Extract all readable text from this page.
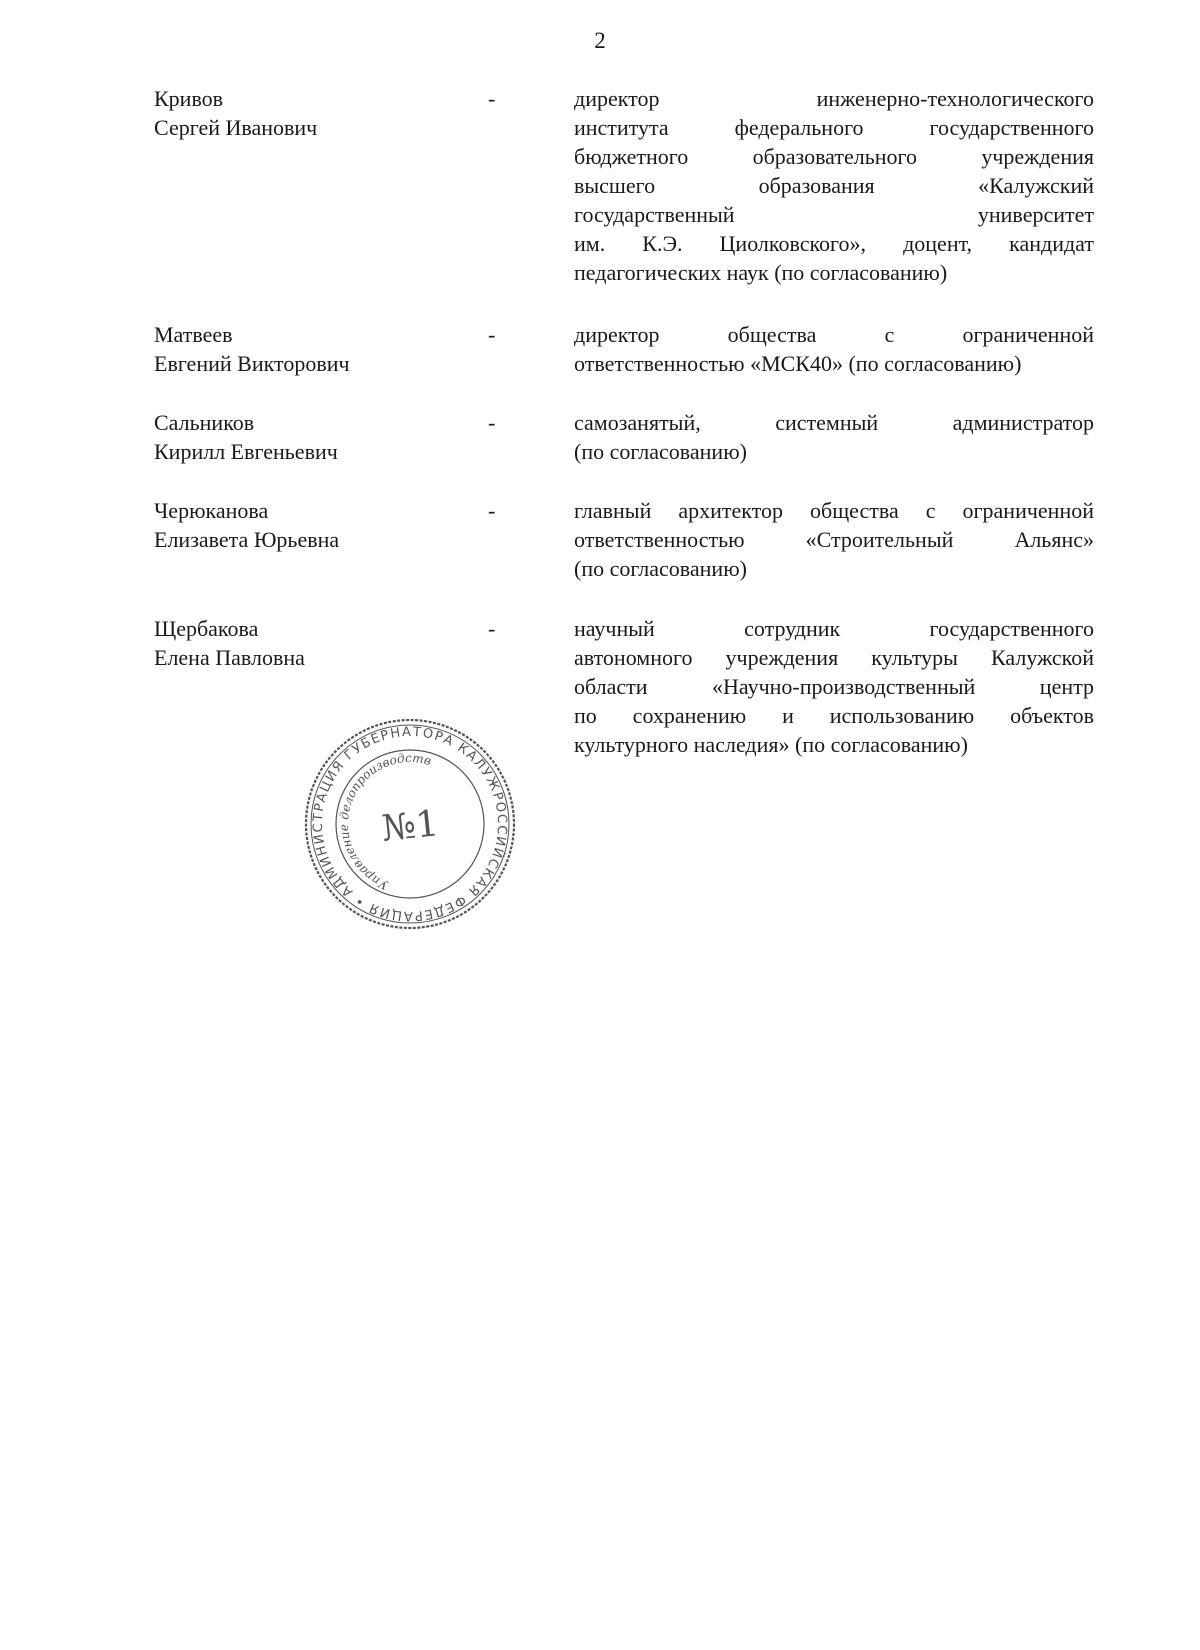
2
Кривов
Сергей Иванович
-	директор инженерно-технологического
института федерального государственного
бюджетного образовательного учреждения
высшего образования «Калужский
государственный университет
им. К.Э. Циолковского», доцент, кандидат
педагогических наук (по согласованию)
Матвеев
Евгений Викторович
-	директор общества с ограниченной
ответственностью «МСК40» (по согласованию)
Сальников
Кирилл Евгеньевич
-	самозанятый, системный администратор
(по согласованию)
Черюканова
Елизавета Юрьевна
-	главный архитектор общества с ограниченной
ответственностью «Строительный Альянс»
(по согласованию)
Щербакова
Елена Павловна
-	научный сотрудник государственного
автономного учреждения культуры Калужской
области «Научно-производственный центр
по сохранению и использованию объектов
культурного наследия» (по согласованию)
РОССИЙСКАЯ ФЕДЕРАЦИЯ • АДМИНИСТРАЦИЯ ГУБЕРНАТОРА КАЛУЖСКОЙ
Управление делопроизводства
№1
